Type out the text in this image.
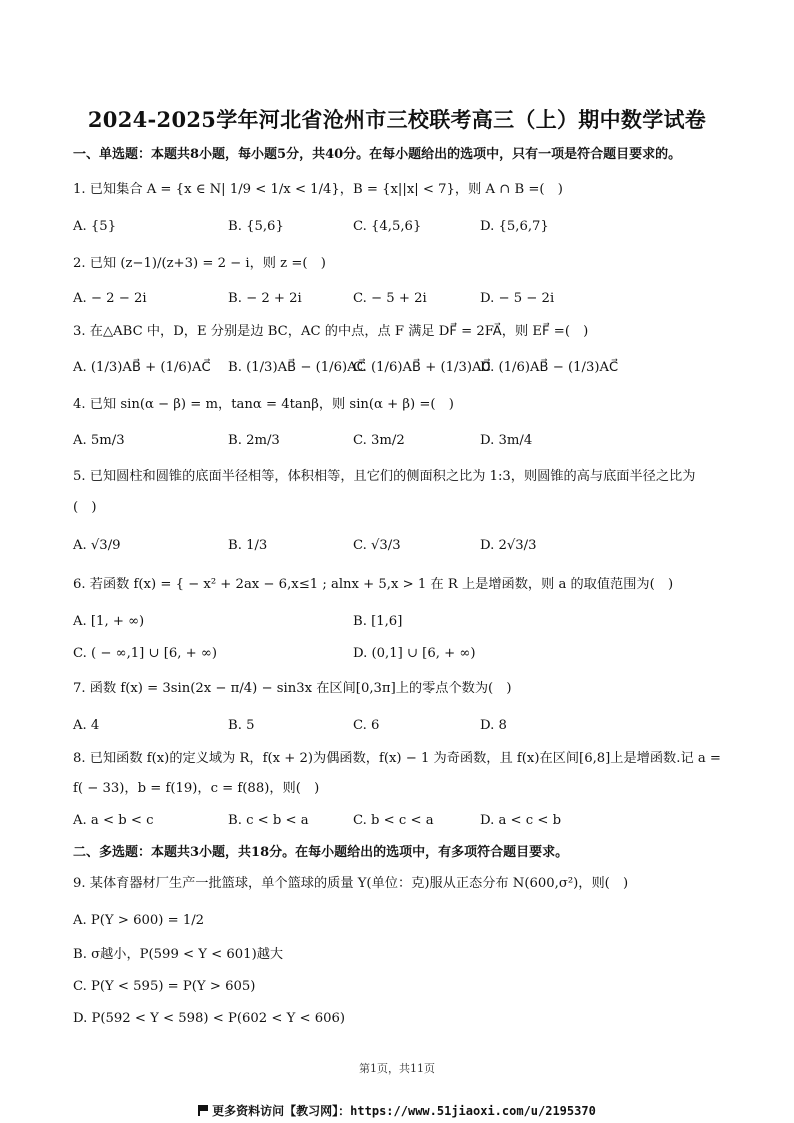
2024-2025学年河北省沧州市三校联考高三（上）期中数学试卷
一、单选题：本题共8小题，每小题5分，共40分。在每小题给出的选项中，只有一项是符合题目要求的。
1. 已知集合 A = {x ∈ N| 1/9 < 1/x < 1/4}，B = {x||x| < 7}，则 A ∩ B =(　)
A. {5}	B. {5,6}	C. {4,5,6}	D. {5,6,7}
2. 已知 (z−1)/(z+3) = 2 − i，则 z =(　)
A. − 2 − 2i	B. − 2 + 2i	C. − 5 + 2i	D. − 5 − 2i
3. 在△ABC 中，D，E 分别是边 BC，AC 的中点，点 F 满足 DF⃗ = 2FA⃗，则 EF⃗ =(　)
A. (1/3)AB⃗ + (1/6)AC⃗ B. (1/3)AB⃗ − (1/6)AC⃗
C. (1/6)AB⃗ + (1/3)AC⃗
D. (1/6)AB⃗ − (1/3)AC⃗
4. 已知 sin(α − β) = m，tanα = 4tanβ，则 sin(α + β) =(　)
A. 5m/3	B. 2m/3	C. 3m/2	D. 3m/4
5. 已知圆柱和圆锥的底面半径相等，体积相等，且它们的侧面积之比为 1:3，则圆锥的高与底面半径之比为
(　)
A. √3/9	B. 1/3	C. √3/3	D. 2√3/3
6. 若函数 f(x) = { − x² + 2ax − 6,x≤1 ; alnx + 5,x > 1 在 R 上是增函数，则 a 的取值范围为(　)
A. [1, + ∞)	B. [1,6]
C. ( − ∞,1] ∪ [6, + ∞)	D. (0,1] ∪ [6, + ∞)
7. 函数 f(x) = 3sin(2x − π/4) − sin3x 在区间[0,3π]上的零点个数为(　)
A. 4	B. 5	C. 6	D. 8
8. 已知函数 f(x)的定义域为 R，f(x + 2)为偶函数，f(x) − 1 为奇函数，且 f(x)在区间[6,8]上是增函数.记 a =
f( − 33)，b = f(19)，c = f(88)，则(　)
A. a < b < c	B. c < b < a	C. b < c < a	D. a < c < b
二、多选题：本题共3小题，共18分。在每小题给出的选项中，有多项符合题目要求。
9. 某体育器材厂生产一批篮球，单个篮球的质量 Y(单位：克)服从正态分布 N(600,σ²)，则(　)
A. P(Y > 600) = 1/2
B. σ越小，P(599 < Y < 601)越大
C. P(Y < 595) = P(Y > 605)
D. P(592 < Y < 598) < P(602 < Y < 606)
第1页，共11页
更多资料访问【教习网】：https://www.51jiaoxi.com/u/2195370
